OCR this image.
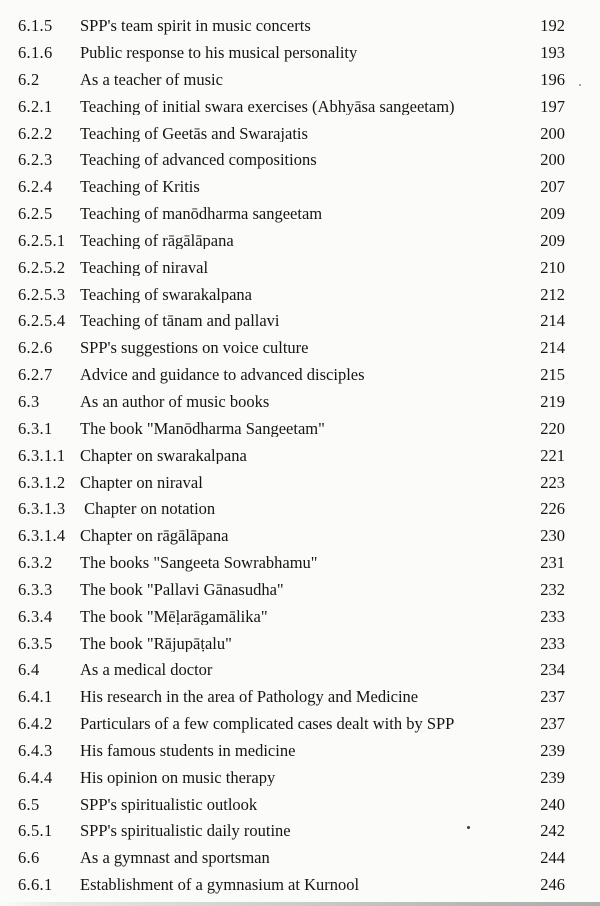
6.1.5	SPP's team spirit in music concerts	192
6.1.6	Public response to his musical personality	193
6.2	As a teacher of music	196
6.2.1	Teaching of initial swara exercises (Abhyāsa sangeetam)	197
6.2.2	Teaching of Geetās and Swarajatis	200
6.2.3	Teaching of advanced compositions	200
6.2.4	Teaching of Kritis	207
6.2.5	Teaching of manōdharma sangeetam	209
6.2.5.1 Teaching of rāgālāpana	209
6.2.5.2 Teaching of niraval	210
6.2.5.3 Teaching of swarakalpana	212
6.2.5.4 Teaching of tānam and pallavi	214
6.2.6	SPP's suggestions on voice culture	214
6.2.7	Advice and guidance to advanced disciples	215
6.3	As an author of music books	219
6.3.1	The book "Manōdharma Sangeetam"	220
6.3.1.1 Chapter on swarakalpana	221
6.3.1.2 Chapter on niraval	223
6.3.1.3 Chapter on notation	226
6.3.1.4 Chapter on rāgālāpana	230
6.3.2	The books "Sangeeta Sowrabhamu"	231
6.3.3	The book "Pallavi Gānasudha"	232
6.3.4	The book "Mēḷarāgamālika"	233
6.3.5	The book "Rājupāṭalu"	233
6.4	As a medical doctor	234
6.4.1	His research in the area of Pathology and Medicine	237
6.4.2	Particulars of a few complicated cases dealt with by SPP	237
6.4.3	His famous students in medicine	239
6.4.4	His opinion on music therapy	239
6.5	SPP's spiritualistic outlook	240
6.5.1	SPP's spiritualistic daily routine	242
6.6	As a gymnast and sportsman	244
6.6.1	Establishment of a gymnasium at Kurnool	246
